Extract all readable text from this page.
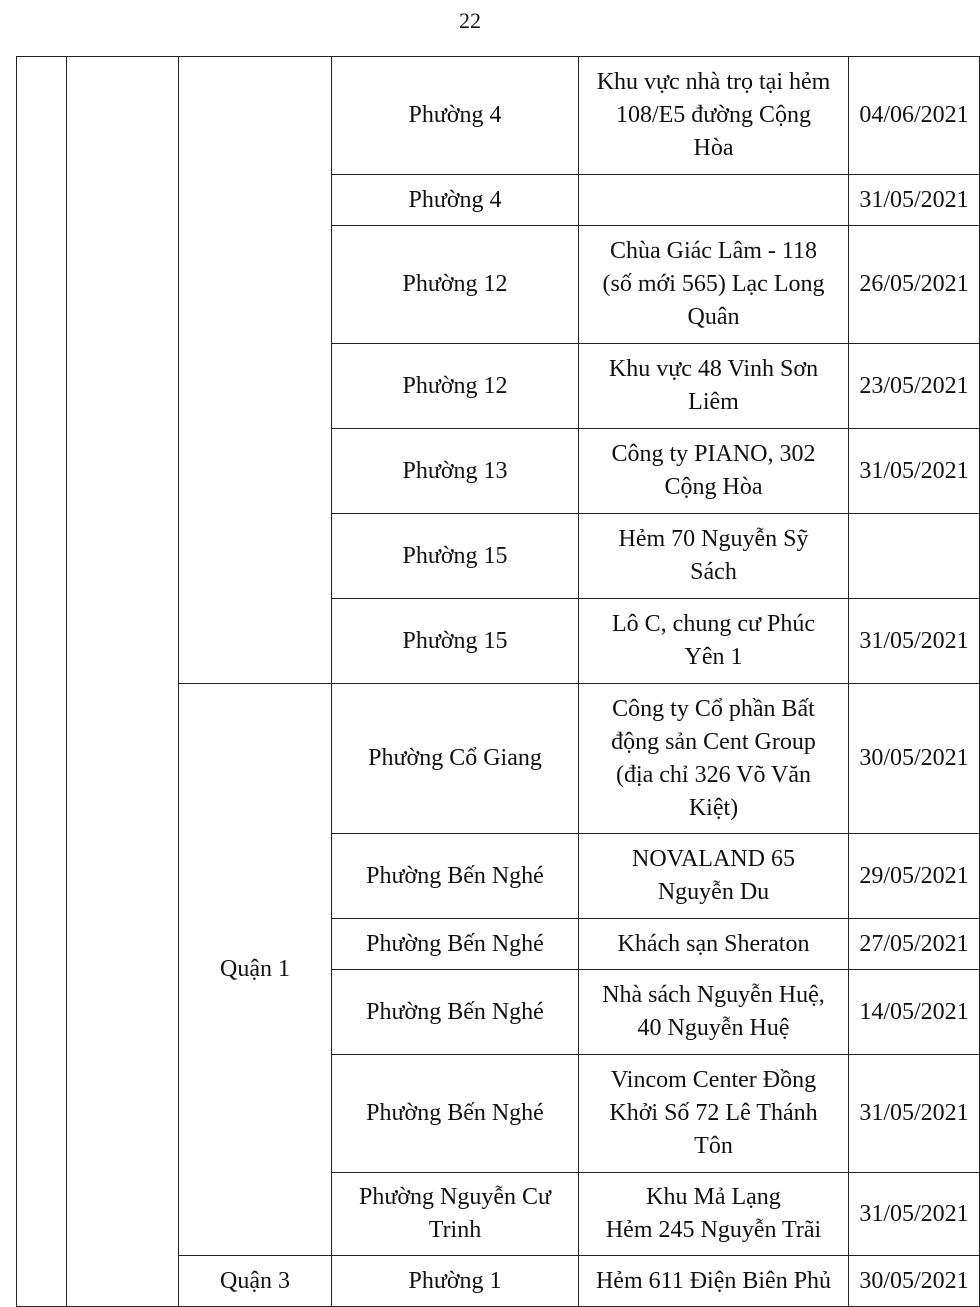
22
			Phường 4	Khu vực nhà trọ tại hẻm
108/E5 đường Cộng
Hòa	04/06/2021
			Phường 4		31/05/2021
			Phường 12	Chùa Giác Lâm - 118
(số mới 565) Lạc Long
Quân	26/05/2021
			Phường 12	Khu vực 48 Vinh Sơn
Liêm	23/05/2021
			Phường 13	Công ty PIANO, 302
Cộng Hòa	31/05/2021
			Phường 15	Hẻm 70 Nguyễn Sỹ
Sách	

			Phường 15	Lô C, chung cư Phúc
Yên 1	31/05/2021
		Quận 1	Phường Cổ Giang	Công ty Cổ phần Bất
động sản Cent Group
(địa chỉ 326 Võ Văn
Kiệt)	30/05/2021
			Phường Bến Nghé	NOVALAND 65
Nguyễn Du	29/05/2021
			Phường Bến Nghé	Khách sạn Sheraton	27/05/2021
			Phường Bến Nghé	Nhà sách Nguyễn Huệ,
40 Nguyễn Huệ	14/05/2021
			Phường Bến Nghé	Vincom Center Đồng
Khởi Số 72 Lê Thánh
Tôn	31/05/2021
			Phường Nguyễn Cư Trinh	Khu Mả Lạng
Hẻm 245 Nguyễn Trãi	31/05/2021
		Quận 3	Phường 1	Hẻm 611 Điện Biên Phủ	30/05/2021
